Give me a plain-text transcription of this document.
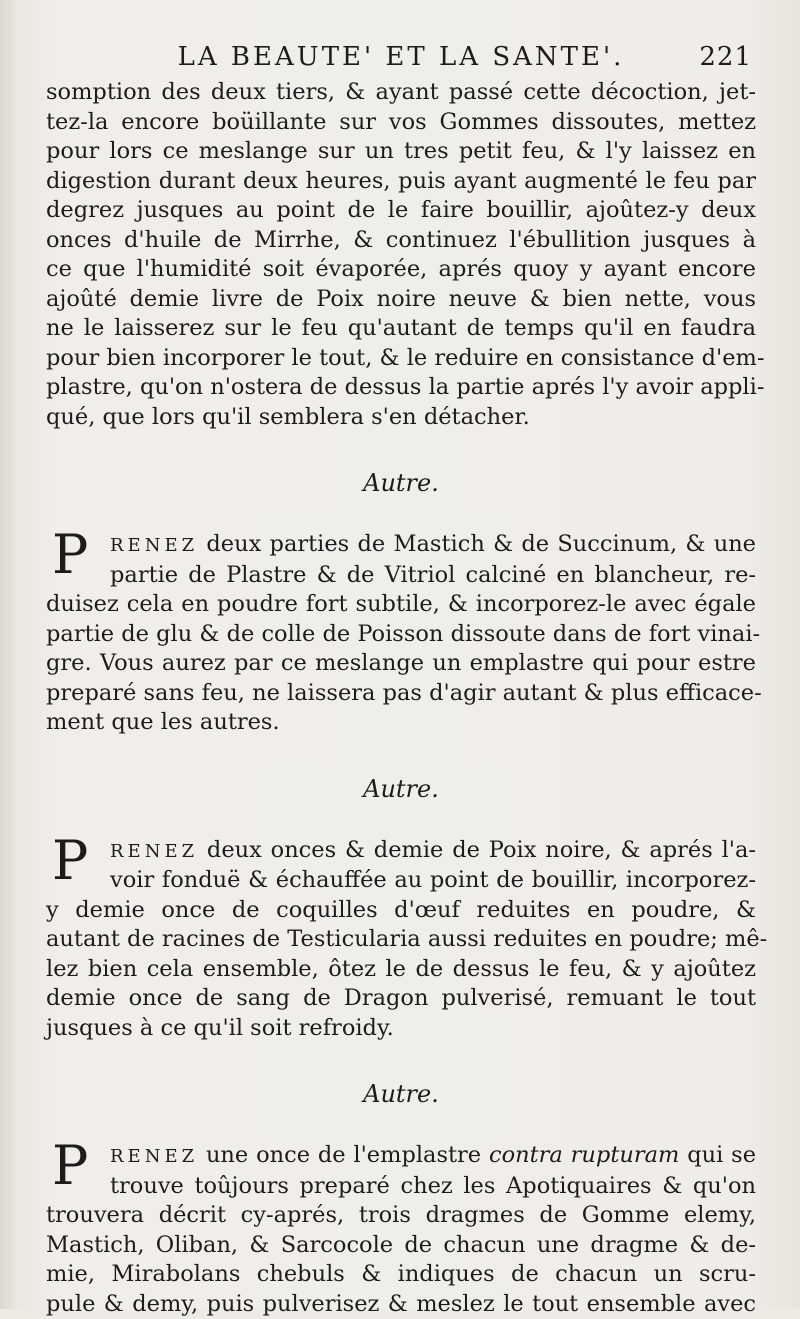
LA BEAUTE' ET LA SANTE'.	221

somption des deux tiers, & ayant passé cette décoction, jet-
tez-la encore boüillante sur vos Gommes dissoutes, mettez
pour lors ce meslange sur un tres petit feu, & l'y laissez en
digestion durant deux heures, puis ayant augmenté le feu par
degrez jusques au point de le faire bouillir, ajoûtez-y deux
onces d'huile de Mirrhe, & continuez l'ébullition jusques à
ce que l'humidité soit évaporée, aprés quoy y ayant encore
ajoûté demie livre de Poix noire neuve & bien nette, vous
ne le laisserez sur le feu qu'autant de temps qu'il en faudra
pour bien incorporer le tout, & le reduire en consistance d'em-
plastre, qu'on n'ostera de dessus la partie aprés l'y avoir appli-
qué, que lors qu'il semblera s'en détacher.

Autre.

P	RENEZ deux parties de Mastich & de Succinum, & une
partie de Plastre & de Vitriol calciné en blancheur, re-
duisez cela en poudre fort subtile, & incorporez-le avec égale
partie de glu & de colle de Poisson dissoute dans de fort vinai-
gre. Vous aurez par ce meslange un emplastre qui pour estre
preparé sans feu, ne laissera pas d'agir autant & plus efficace-
ment que les autres.

Autre.

P	RENEZ deux onces & demie de Poix noire, & aprés l'a-
voir fonduë & échauffée au point de bouillir, incorporez-
y demie once de coquilles d'œuf reduites en poudre, &
autant de racines de Testicularia aussi reduites en poudre; mê-
lez bien cela ensemble, ôtez le de dessus le feu, & y ajoûtez
demie once de sang de Dragon pulverisé, remuant le tout
jusques à ce qu'il soit refroidy.

Autre.

P	RENEZ une once de l'emplastre contra rupturam qui se
trouve toûjours preparé chez les Apotiquaires & qu'on
trouvera décrit cy-aprés, trois dragmes de Gomme elemy,
Mastich, Oliban, & Sarcocole de chacun une dragme & de-
mie, Mirabolans chebuls & indiques de chacun un scru-
pule & demy, puis pulverisez & meslez le tout ensemble avec
